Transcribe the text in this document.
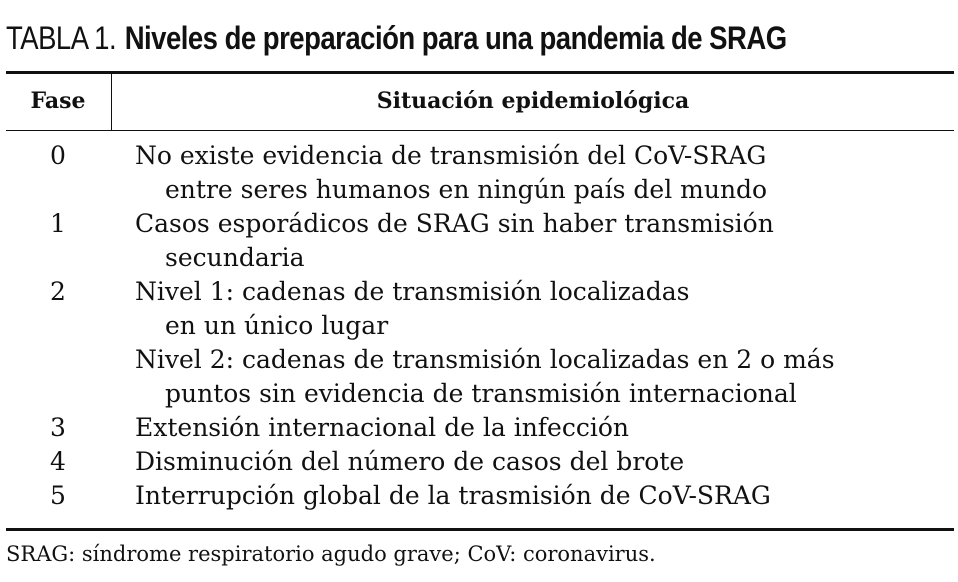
TABLA 1. Niveles de preparación para una pandemia de SRAG
Fase	Situación epidemiológica
0	No existe evidencia de transmisión del CoV-SRAG
entre seres humanos en ningún país del mundo
1	Casos esporádicos de SRAG sin haber transmisión
secundaria
2	Nivel 1: cadenas de transmisión localizadas
en un único lugar
Nivel 2: cadenas de transmisión localizadas en 2 o más
puntos sin evidencia de transmisión internacional
3	Extensión internacional de la infección
4	Disminución del número de casos del brote
5	Interrupción global de la trasmisión de CoV-SRAG
SRAG: síndrome respiratorio agudo grave; CoV: coronavirus.
